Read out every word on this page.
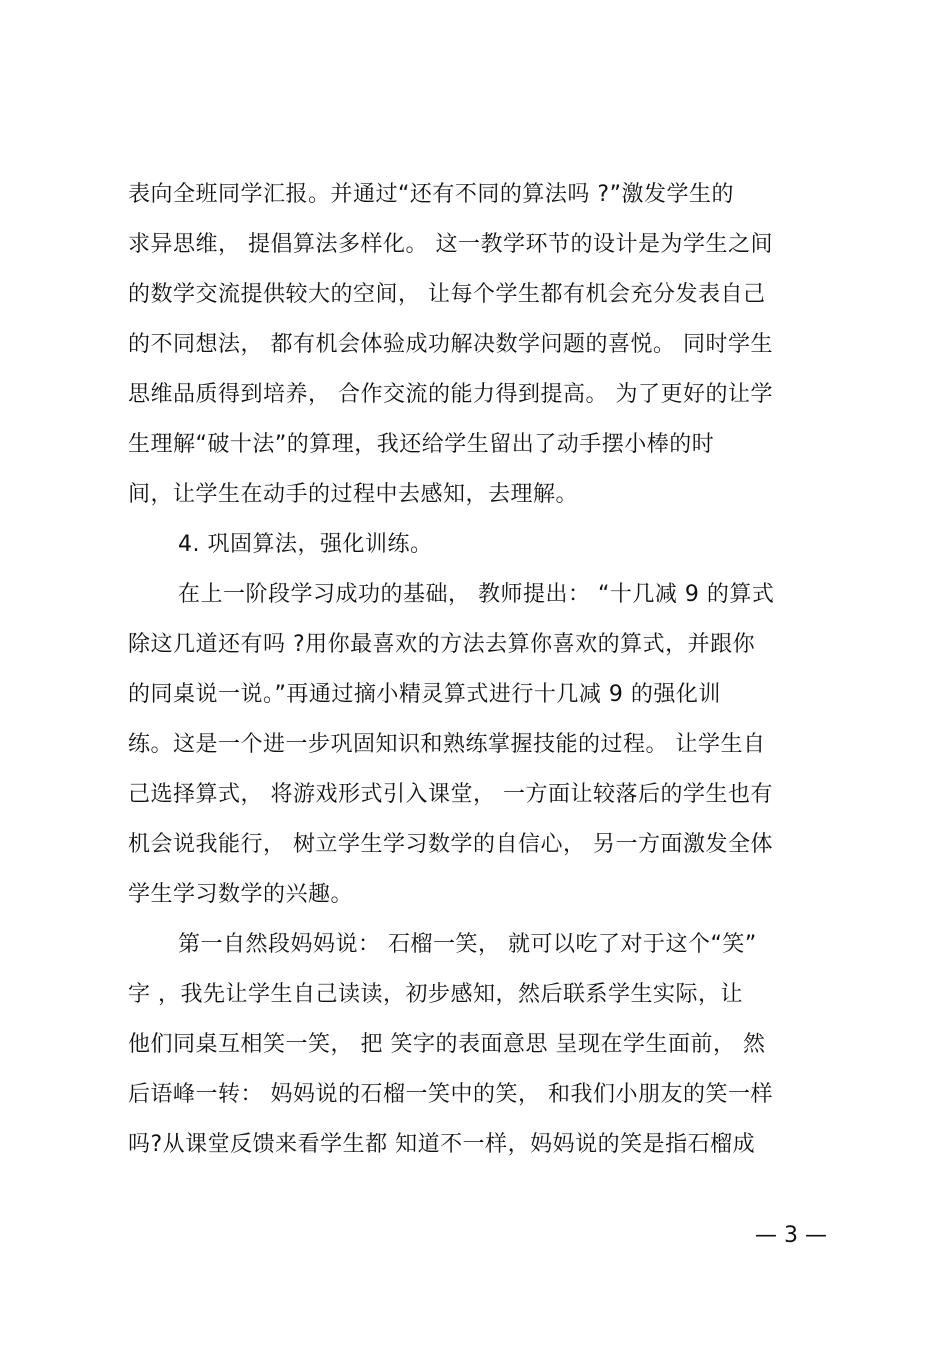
表向全班同学汇报。并通过“还有不同的算法吗 ?”激发学生的
求异思维， 提倡算法多样化。 这一教学环节的设计是为学生之间
的数学交流提供较大的空间， 让每个学生都有机会充分发表自己
的不同想法， 都有机会体验成功解决数学问题的喜悦。 同时学生
思维品质得到培养， 合作交流的能力得到提高。 为了更好的让学
生理解“破十法”的算理，我还给学生留出了动手摆小棒的时
间，让学生在动手的过程中去感知，去理解。
4. 巩固算法，强化训练。
在上一阶段学习成功的基础， 教师提出： “十几减 9 的算式
除这几道还有吗 ?用你最喜欢的方法去算你喜欢的算式，并跟你
的同桌说一说。”再通过摘小精灵算式进行十几减 9 的强化训
练。这是一个进一步巩固知识和熟练掌握技能的过程。 让学生自
己选择算式， 将游戏形式引入课堂， 一方面让较落后的学生也有
机会说我能行， 树立学生学习数学的自信心， 另一方面激发全体
学生学习数学的兴趣。
第一自然段妈妈说： 石榴一笑， 就可以吃了对于这个“笑”
字 ，我先让学生自己读读，初步感知，然后联系学生实际，让
他们同桌互相笑一笑， 把 笑字的表面意思 呈现在学生面前， 然
后语峰一转： 妈妈说的石榴一笑中的笑， 和我们小朋友的笑一样
吗?从课堂反馈来看学生都 知道不一样，妈妈说的笑是指石榴成
— 3 —
